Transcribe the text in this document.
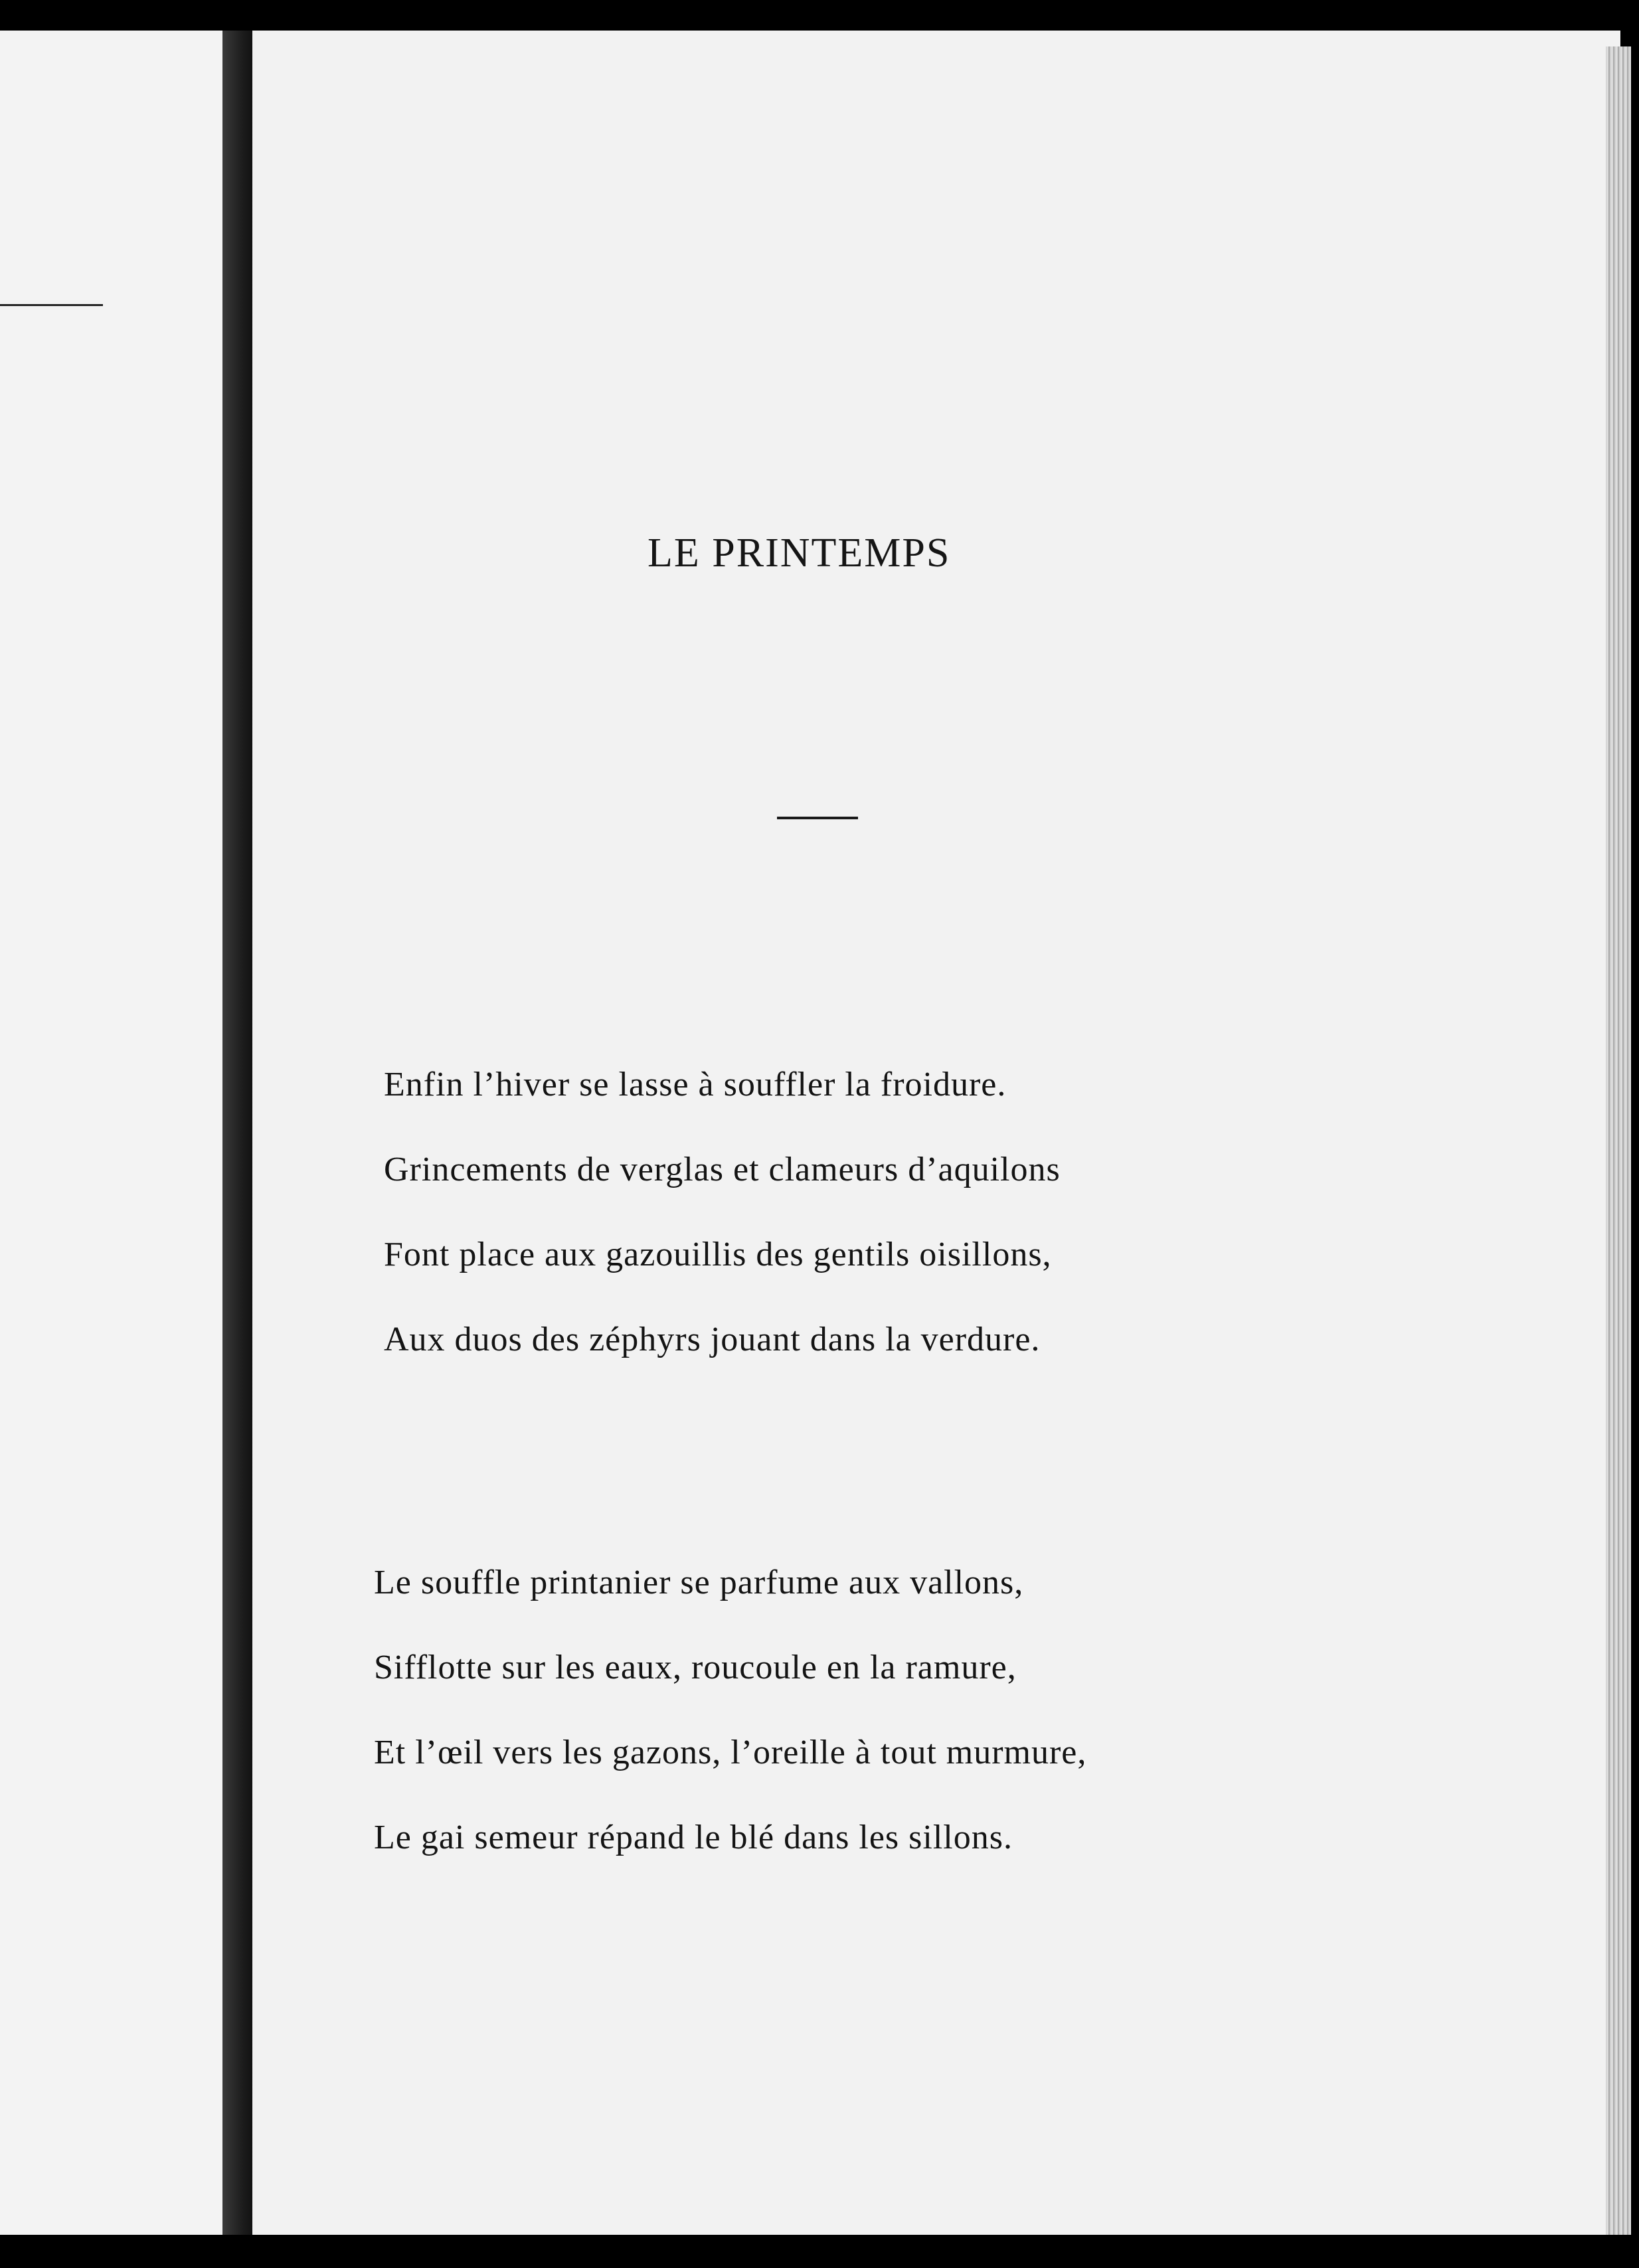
LE PRINTEMPS
Enfin l’hiver se lasse à souffler la froidure.
Grincements de verglas et clameurs d’aquilons
Font place aux gazouillis des gentils oisillons,
Aux duos des zéphyrs jouant dans la verdure.
Le souffle printanier se parfume aux vallons,
Sifflotte sur les eaux, roucoule en la ramure,
Et l’œil vers les gazons, l’oreille à tout murmure,
Le gai semeur répand le blé dans les sillons.
